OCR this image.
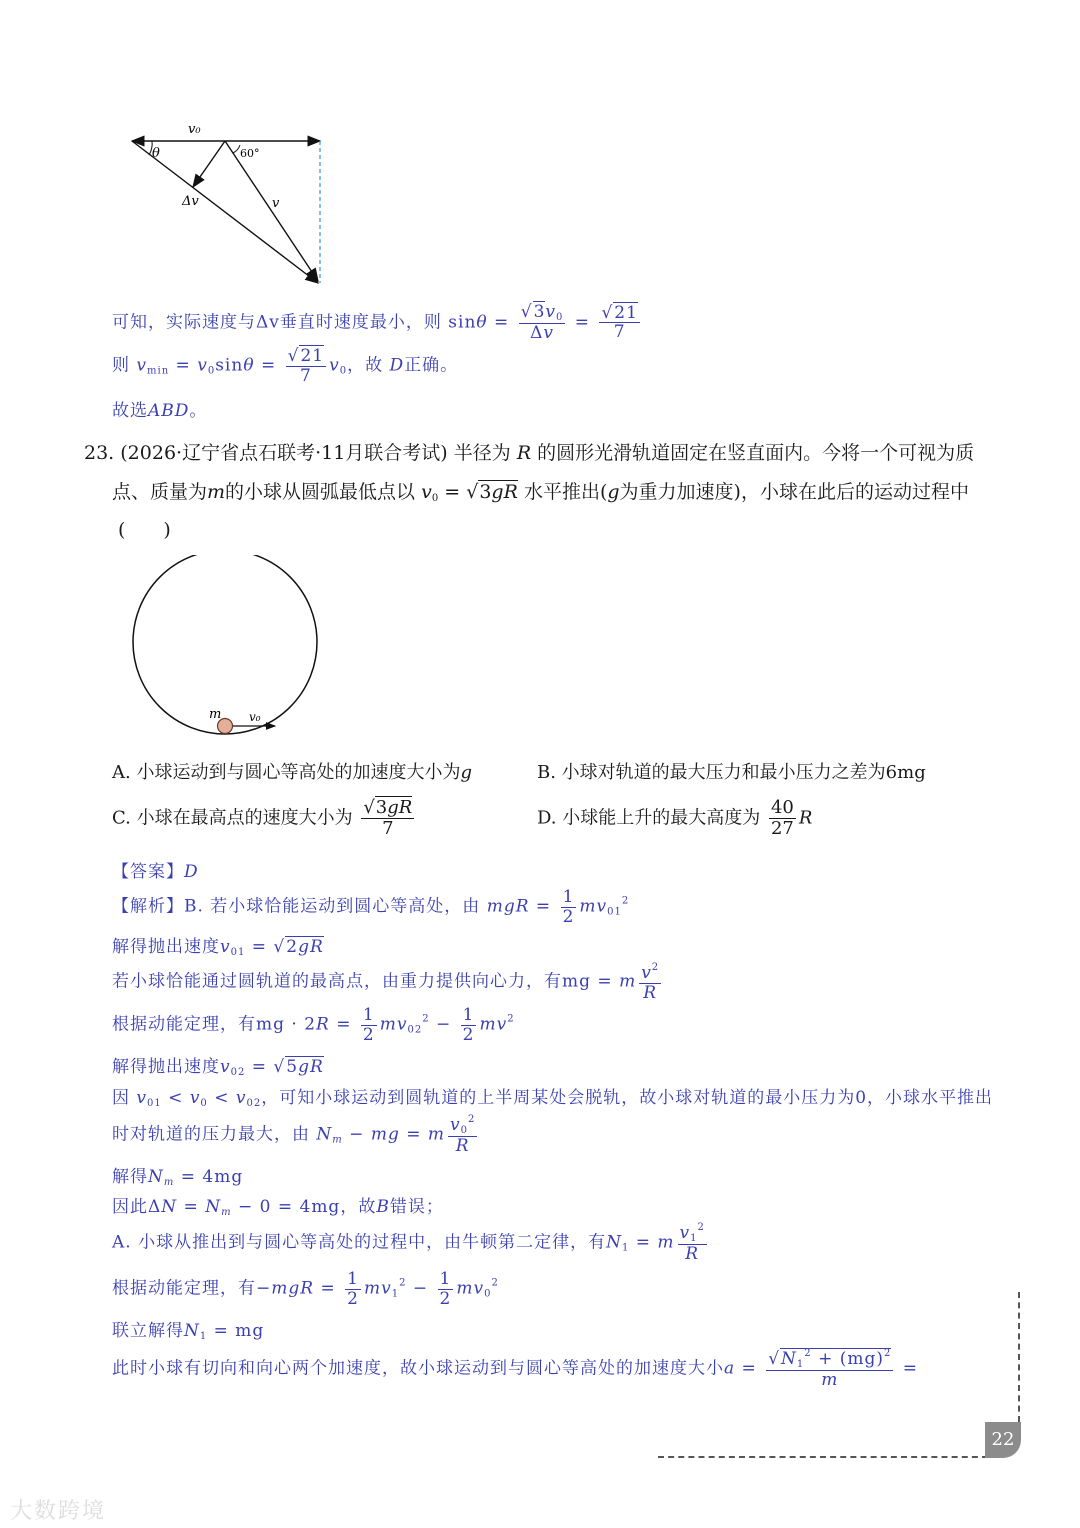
v₀
θ	60°
Δv	v
可知，实际速度与Δv垂直时速度最小，则 $\sin\theta = \frac{√3v_0}{\Delta v} = \frac{√21}{7}$
则 $v_{min} = v_0\sin\theta = \frac{√21}{7} v_0$，故 D正确。
故选ABD。
23. (2026·辽宁省点石联考·11月联合考试) 半径为 R 的圆形光滑轨道固定在竖直面内。今将一个可视为质
点、质量为m的小球从圆弧最低点以 $v_0 = √3gR$ 水平推出(g为重力加速度)，小球在此后的运动过程中
(　　)
m v₀
A. 小球运动到与圆心等高处的加速度大小为g	B. 小球对轨道的最大压力和最小压力之差为6mg
C. 小球在最高点的速度大小为 $\frac{√3gR}{7}$	D. 小球能上升的最大高度为 $\frac{40}{27}$ R
【答案】D
【解析】B. 若小球恰能运动到圆心等高处，由 mgR = $\frac{1}{2} mv_{01}^2$
解得抛出速度$v_{01} = √2gR$
若小球恰能通过圆轨道的最高点，由重力提供向心力，有mg = m $\frac{v^2}{R}$
根据动能定理，有mg · $2R = \frac{1}{2} mv_{02}^2 - \frac{1}{2} mv^2$
解得抛出速度$v_{02} = √5gR$
因 $v_{01} < v_0 < v_{02}$，可知小球运动到圆轨道的上半周某处会脱轨，故小球对轨道的最小压力为0，小球水平推出
时对轨道的压力最大，由 $N_m$ − mg = m $\frac{v_0^2}{R}$
解得$N_m = 4mg$
因此$\Delta N = N_m - 0 = 4mg$，故B错误；
A. 小球从推出到与圆心等高处的过程中，由牛顿第二定律，有$N_1 = m \frac{v_1^2}{R}$
根据动能定理，有$-mgR = \frac{1}{2} mv_1^2 - \frac{1}{2} mv_0^2$
联立解得$N_1$ = mg
此时小球有切向和向心两个加速度，故小球运动到与圆心等高处的加速度大小$a = \frac{√N_1^2 + (mg)^2}{m}$ =
22
大数跨境
